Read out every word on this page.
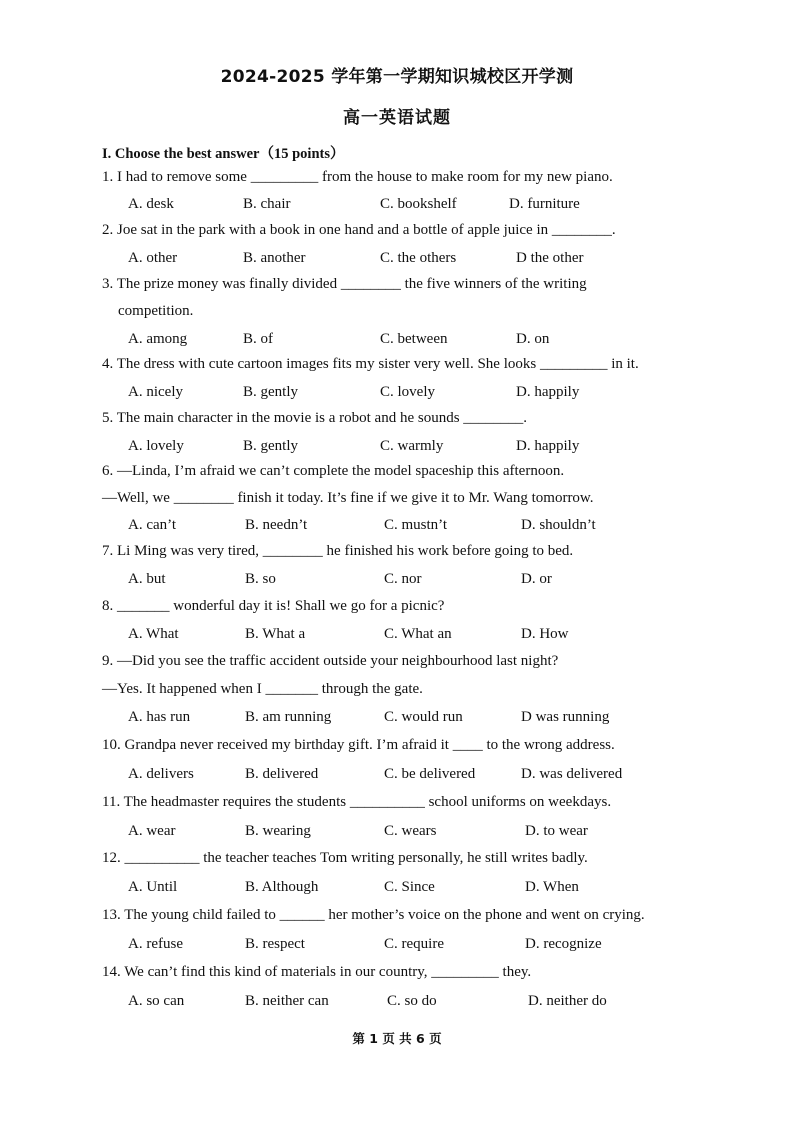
2024-2025 学年第一学期知识城校区开学测
高一英语试题
I. Choose the best answer（15 points）
1. I had to remove some _________ from the house to make room for my new piano.
A. desk	B. chair	C. bookshelf	D. furniture
2. Joe sat in the park with a book in one hand and a bottle of apple juice in ________.
A. other	B. another	C. the others	D the other
3. The prize money was finally divided ________ the five winners of the writing
competition.
A. among	B. of	C. between	D. on
4. The dress with cute cartoon images fits my sister very well. She looks _________ in it.
A. nicely	B. gently	C. lovely	D. happily
5. The main character in the movie is a robot and he sounds ________.
A. lovely	B. gently	C. warmly	D. happily
6. —Linda, I’m afraid we can’t complete the model spaceship this afternoon.
—Well, we ________ finish it today. It’s fine if we give it to Mr. Wang tomorrow.
A. can’t	B. needn’t	C. mustn’t	D. shouldn’t
7. Li Ming was very tired, ________ he finished his work before going to bed.
A. but	B. so	C. nor	D. or
8. _______ wonderful day it is! Shall we go for a picnic?
A. What	B. What a	C. What an	D. How
9. —Did you see the traffic accident outside your neighbourhood last night?
—Yes. It happened when I _______ through the gate.
A. has run	B. am running	C. would run	D was running
10. Grandpa never received my birthday gift. I’m afraid it ____ to the wrong address.
A. delivers	B. delivered	C. be delivered	D. was delivered
11. The headmaster requires the students __________ school uniforms on weekdays.
A. wear	B. wearing	C. wears	D. to wear
12. __________ the teacher teaches Tom writing personally, he still writes badly.
A. Until	B. Although	C. Since	D. When
13. The young child failed to ______ her mother’s voice on the phone and went on crying.
A. refuse	B. respect	C. require	D. recognize
14. We can’t find this kind of materials in our country, _________ they.
A. so can	B. neither can	C. so do	D. neither do
第 1 页 共 6 页
